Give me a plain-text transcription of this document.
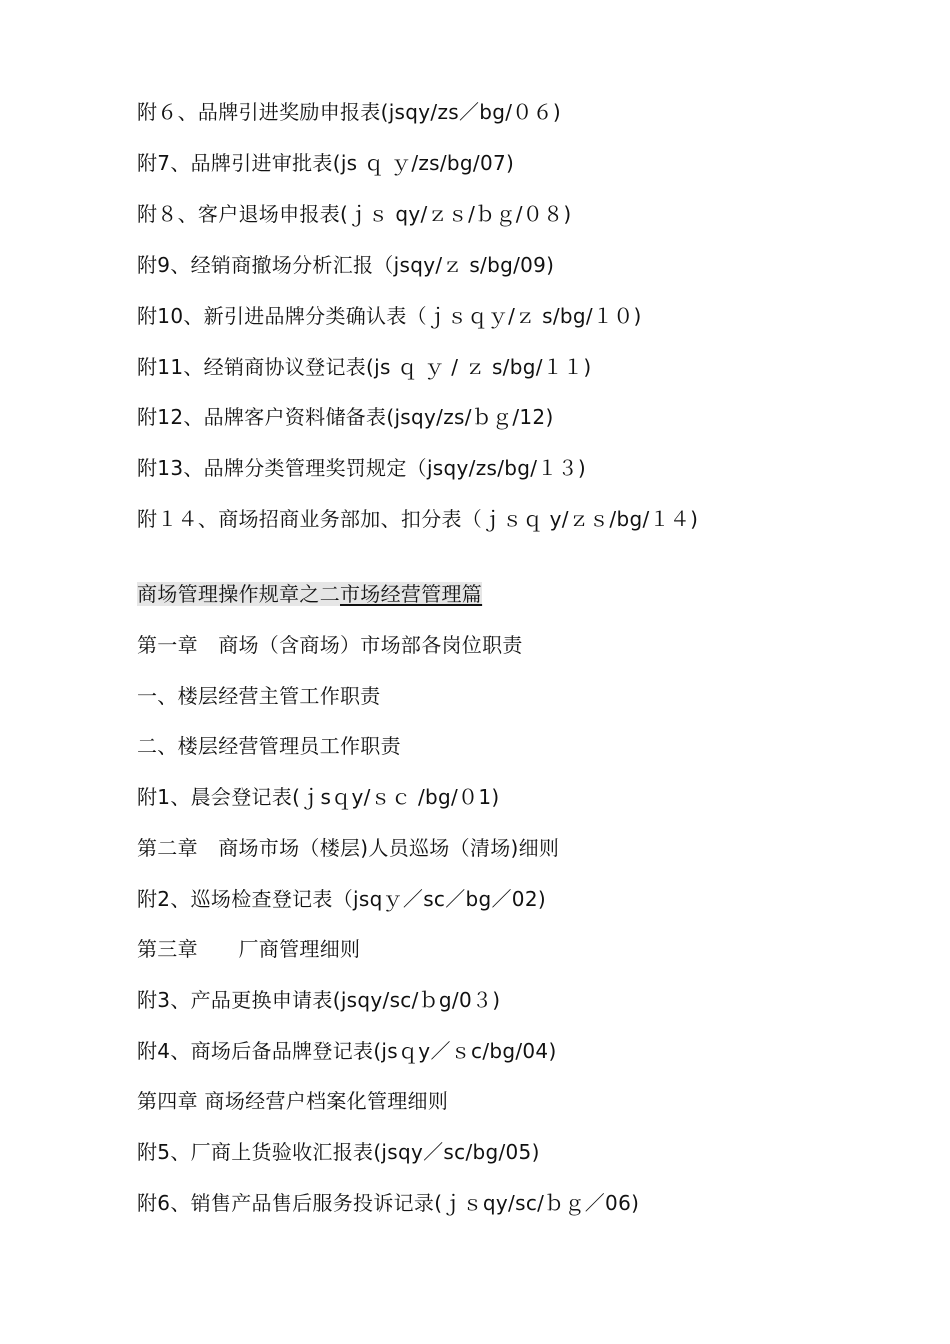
附６、品牌引进奖励申报表(jsqy/zs／bg/０６)

附7、品牌引进审批表(js ｑ ｙ/zs/bg/07)

附８、客户退场申报表(ｊｓ qy/ｚｓ/ｂｇ/０８)

附9、经销商撤场分析汇报（jsqy/ｚ s/bg/09)

附10、新引进品牌分类确认表（ｊｓｑｙ/ｚ s/bg/１０)

附11、经销商协议登记表(js ｑ ｙ / ｚ s/bg/１１)

附12、品牌客户资料储备表(jsqy/zs/ｂｇ/12)

附13、品牌分类管理奖罚规定（jsqy/zs/bg/１３)

附１４、商场招商业务部加、扣分表（ｊｓｑ y/ｚｓ/bg/１４)

商场管理操作规章之二市场经营管理篇

第一章　商场（含商场）市场部各岗位职责

一、楼层经营主管工作职责

二、楼层经营管理员工作职责

附1、晨会登记表(ｊsｑy/ｓｃ /bg/０1)

第二章　商场市场（楼层)人员巡场（清场)细则

附2、巡场检查登记表（jsqｙ／sc／bg／02)

第三章　　厂商管理细则

附3、产品更换申请表(jsqy/sc/ｂg/0３)

附4、商场后备品牌登记表(jsｑy／ｓc/bg/04)

第四章 商场经营户档案化管理细则

附5、厂商上货验收汇报表(jsqy／sc/bg/05)

附6、销售产品售后服务投诉记录(ｊｓqy/sc/ｂｇ／06)
